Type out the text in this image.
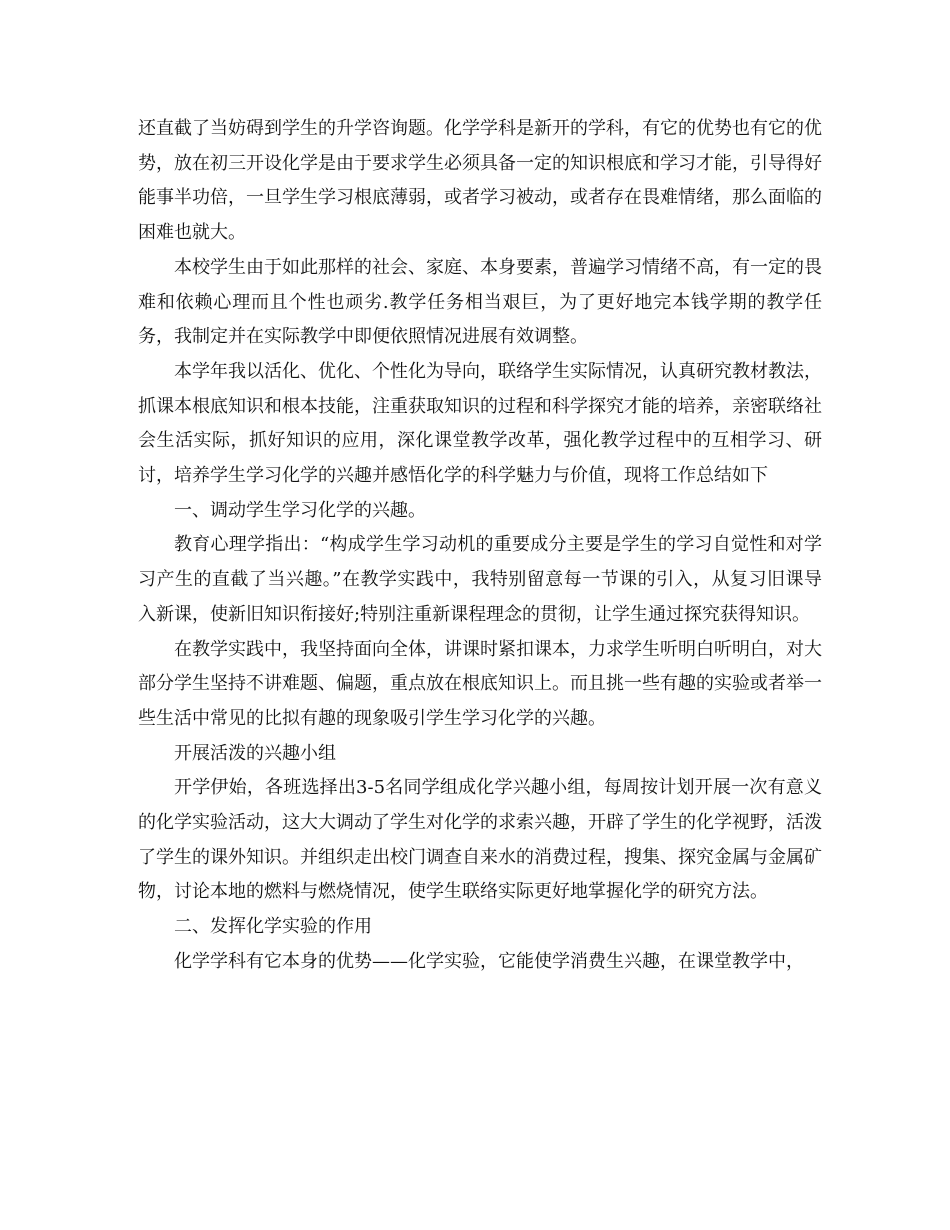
还直截了当妨碍到学生的升学咨询题。化学学科是新开的学科，有它的优势也有它的优势，放在初三开设化学是由于要求学生必须具备一定的知识根底和学习才能，引导得好能事半功倍，一旦学生学习根底薄弱，或者学习被动，或者存在畏难情绪，那么面临的困难也就大。

本校学生由于如此那样的社会、家庭、本身要素，普遍学习情绪不高，有一定的畏难和依赖心理而且个性也顽劣.教学任务相当艰巨，为了更好地完本钱学期的教学任务，我制定并在实际教学中即便依照情况进展有效调整。

本学年我以活化、优化、个性化为导向，联络学生实际情况，认真研究教材教法，抓课本根底知识和根本技能，注重获取知识的过程和科学探究才能的培养，亲密联络社会生活实际，抓好知识的应用，深化课堂教学改革，强化教学过程中的互相学习、研讨，培养学生学习化学的兴趣并感悟化学的科学魅力与价值，现将工作总结如下

一、调动学生学习化学的兴趣。

教育心理学指出：“构成学生学习动机的重要成分主要是学生的学习自觉性和对学习产生的直截了当兴趣。”在教学实践中，我特别留意每一节课的引入，从复习旧课导入新课，使新旧知识衔接好;特别注重新课程理念的贯彻，让学生通过探究获得知识。

在教学实践中，我坚持面向全体，讲课时紧扣课本，力求学生听明白听明白，对大部分学生坚持不讲难题、偏题，重点放在根底知识上。而且挑一些有趣的实验或者举一些生活中常见的比拟有趣的现象吸引学生学习化学的兴趣。

开展活泼的兴趣小组

开学伊始，各班选择出3-5名同学组成化学兴趣小组，每周按计划开展一次有意义的化学实验活动，这大大调动了学生对化学的求索兴趣，开辟了学生的化学视野，活泼了学生的课外知识。并组织走出校门调查自来水的消费过程，搜集、探究金属与金属矿物，讨论本地的燃料与燃烧情况，使学生联络实际更好地掌握化学的研究方法。

二、发挥化学实验的作用

化学学科有它本身的优势——化学实验，它能使学消费生兴趣，在课堂教学中，
